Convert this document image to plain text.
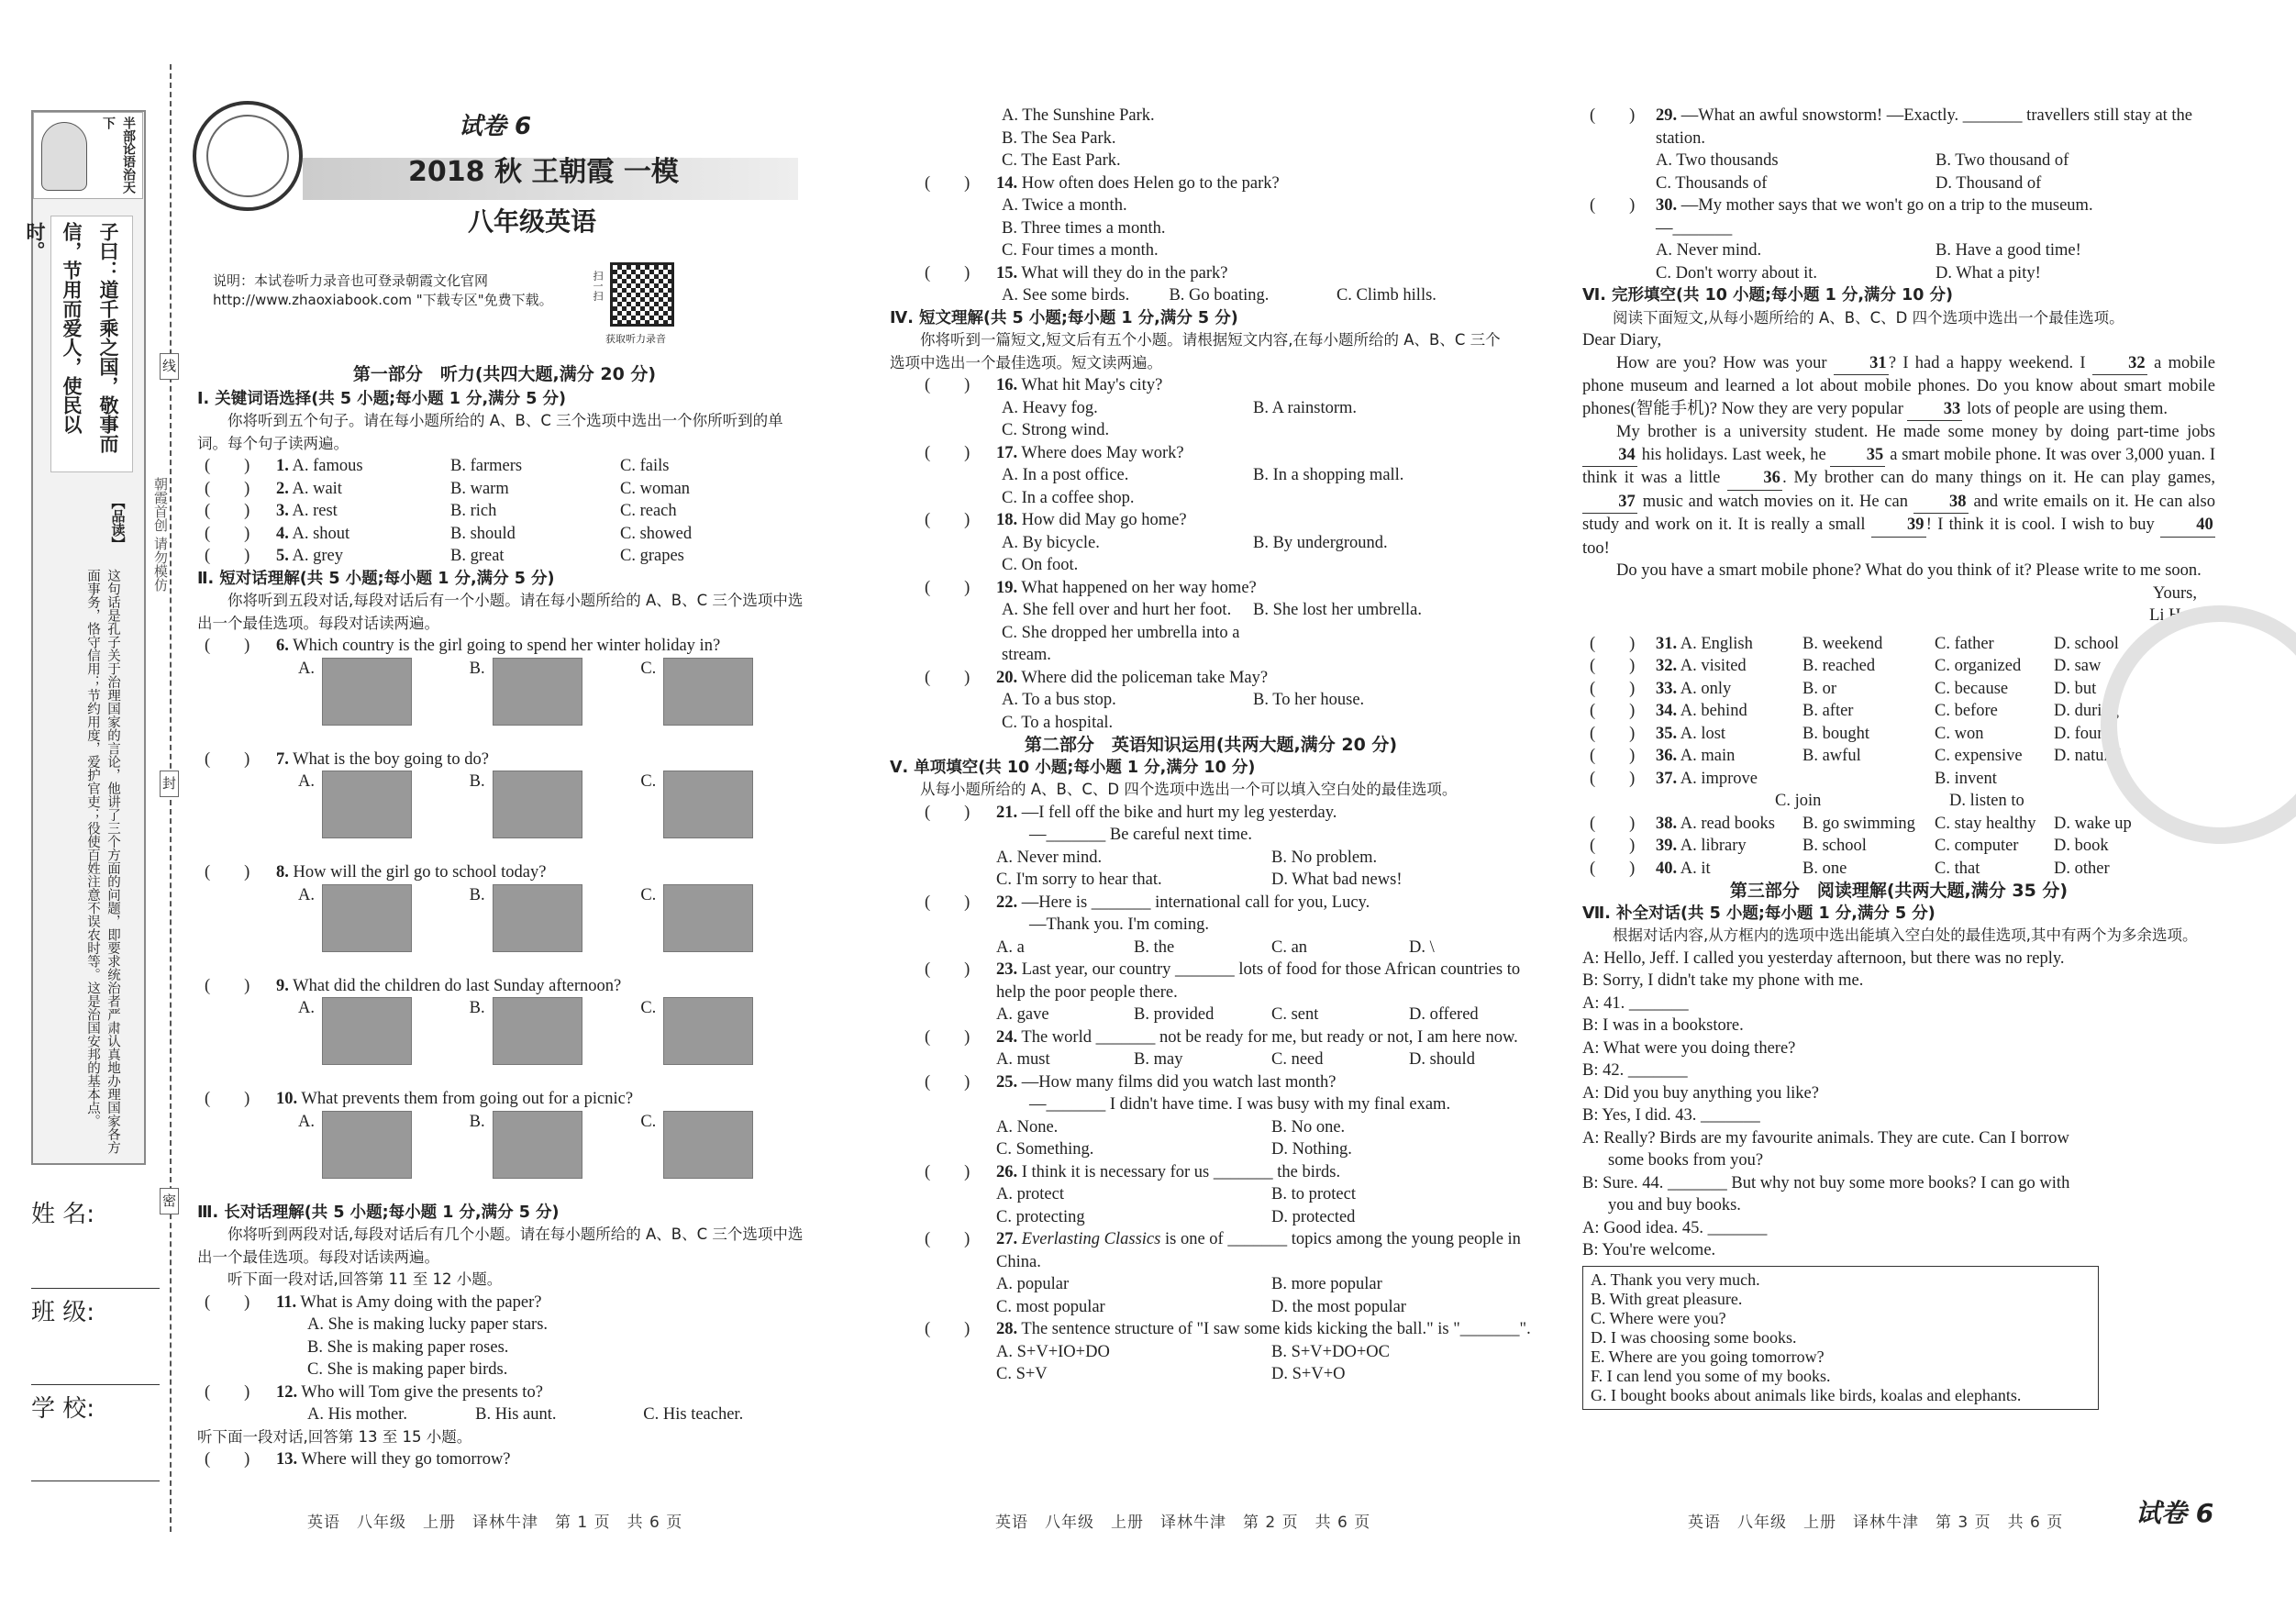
半部论语治天下
子曰：道千乘之国，敬事而信，节用而爱人，使民以时。
【品读】
这句话是孔子关于治理国家的言论，他讲了三个方面的问题，即要求统治者严肃认真地办理国家各方面事务，恪守信用；节约用度，爱护官吏；役使百姓注意不误农时等。这是治国安邦的基本点。
朝霞首创 请勿模仿
线
封
密
姓 名:
班 级:
学 校:
试卷 6
2018 秋 王朝霞 一模
八年级英语
说明：本试卷听力录音也可登录朝霞文化官网 http://www.zhaoxiabook.com "下载专区"免费下载。	扫一扫
获取听力录音
第一部分　听力(共四大题,满分 20 分)
Ⅰ. 关键词语选择(共 5 小题;每小题 1 分,满分 5 分)
你将听到五个句子。请在每小题所给的 A、B、C 三个选项中选出一个你所听到的单词。每个句子读两遍。
(　　)	1. A. famous	B. farmers	C. fails
(　　)	2. A. wait	B. warm	C. woman
(　　)	3. A. rest	B. rich	C. reach
(　　)	4. A. shout	B. should	C. showed
(　　)	5. A. grey	B. great	C. grapes
Ⅱ. 短对话理解(共 5 小题;每小题 1 分,满分 5 分)
你将听到五段对话,每段对话后有一个小题。请在每小题所给的 A、B、C 三个选项中选出一个最佳选项。每段对话读两遍。
(　　)	6. Which country is the girl going to spend her winter holiday in?
A.	B.	C.
(　　)	7. What is the boy going to do?
A.	B.	C.
(　　)	8. How will the girl go to school today?
A.	B.	C.
(　　)	9. What did the children do last Sunday afternoon?
A.	B.	C.
(　　)	10. What prevents them from going out for a picnic?
A.	B.	C.
Ⅲ. 长对话理解(共 5 小题;每小题 1 分,满分 5 分)
你将听到两段对话,每段对话后有几个小题。请在每小题所给的 A、B、C 三个选项中选出一个最佳选项。每段对话读两遍。
听下面一段对话,回答第 11 至 12 小题。
(　　)	11. What is Amy doing with the paper?
A. She is making lucky paper stars.
B. She is making paper roses.
C. She is making paper birds.
(　　)	12. Who will Tom give the presents to?
A. His mother.	B. His aunt.	C. His teacher.
听下面一段对话,回答第 13 至 15 小题。
(　　)	13. Where will they go tomorrow?
A. The Sunshine Park.
B. The Sea Park.
C. The East Park.
(　　)	14. How often does Helen go to the park?
A. Twice a month.
B. Three times a month.
C. Four times a month.
(　　)	15. What will they do in the park?
A. See some birds.	B. Go boating.	C. Climb hills.
Ⅳ. 短文理解(共 5 小题;每小题 1 分,满分 5 分)
你将听到一篇短文,短文后有五个小题。请根据短文内容,在每小题所给的 A、B、C 三个选项中选出一个最佳选项。短文读两遍。
(　　)	16. What hit May's city?
A. Heavy fog.	B. A rainstorm.
C. Strong wind.
(　　)	17. Where does May work?
A. In a post office.	B. In a shopping mall.
C. In a coffee shop.
(　　)	18. How did May go home?
A. By bicycle.	B. By underground.
C. On foot.
(　　)	19. What happened on her way home?
A. She fell over and hurt her foot.	B. She lost her umbrella.
C. She dropped her umbrella into a stream.
(　　)	20. Where did the policeman take May?
A. To a bus stop.	B. To her house.
C. To a hospital.
第二部分　英语知识运用(共两大题,满分 20 分)
Ⅴ. 单项填空(共 10 小题;每小题 1 分,满分 10 分)
从每小题所给的 A、B、C、D 四个选项中选出一个可以填入空白处的最佳选项。
(　　)	21. —I fell off the bike and hurt my leg yesterday.
—_______ Be careful next time.
A. Never mind.	B. No problem.
C. I'm sorry to hear that.	D. What bad news!
(　　)	22. —Here is _______ international call for you, Lucy.
—Thank you. I'm coming.
A. a	B. the	C. an	D. \
(　　)	23. Last year, our country _______ lots of food for those African countries to help the poor people there.
A. gave	B. provided	C. sent	D. offered
(　　)	24. The world _______ not be ready for me, but ready or not, I am here now.
A. must	B. may	C. need	D. should
(　　)	25. —How many films did you watch last month?
—_______ I didn't have time. I was busy with my final exam.
A. None.	B. No one.
C. Something.	D. Nothing.
(　　)	26. I think it is necessary for us _______ the birds.
A. protect	B. to protect
C. protecting	D. protected
(　　)	27. Everlasting Classics is one of _______ topics among the young people in China.
A. popular	B. more popular
C. most popular	D. the most popular
(　　)	28. The sentence structure of "I saw some kids kicking the ball." is "_______".
A. S+V+IO+DO	B. S+V+DO+OC
C. S+V	D. S+V+O
(　　)	29. —What an awful snowstorm! —Exactly. _______ travellers still stay at the station.
A. Two thousands	B. Two thousand of
C. Thousands of	D. Thousand of
(　　)	30. —My mother says that we won't go on a trip to the museum.
—_______
A. Never mind.	B. Have a good time!
C. Don't worry about it.	D. What a pity!
Ⅵ. 完形填空(共 10 小题;每小题 1 分,满分 10 分)
阅读下面短文,从每小题所给的 A、B、C、D 四个选项中选出一个最佳选项。
Dear Diary,
How are you? How was your 31 ? I had a happy weekend. I 32 a mobile phone museum and learned a lot about mobile phones. Do you know about smart mobile phones(智能手机)? Now they are very popular 33 lots of people are using them.
My brother is a university student. He made some money by doing part-time jobs 34 his holidays. Last week, he 35 a smart mobile phone. It was over 3,000 yuan. I think it was a little 36 . My brother can do many things on it. He can play games, 37 music and watch movies on it. He can 38 and write emails on it. He can also study and work on it. It is really a small 39 ! I think it is cool. I wish to buy 40 too!
Do you have a smart mobile phone? What do you think of it? Please write to me soon.
Yours,
Li Hua
(　　)	31. A. English	B. weekend	C. father	D. school
(　　)	32. A. visited	B. reached	C. organized	D. saw
(　　)	33. A. only	B. or	C. because	D. but
(　　)	34. A. behind	B. after	C. before	D. during
(　　)	35. A. lost	B. bought	C. won	D. found
(　　)	36. A. main	B. awful	C. expensive	D. natural
(　　)	37. A. improve	B. invent
C. join	D. listen to
(　　)	38. A. read books	B. go swimming	C. stay healthy	D. wake up
(　　)	39. A. library	B. school	C. computer	D. book
(　　)	40. A. it	B. one	C. that	D. other
第三部分　阅读理解(共两大题,满分 35 分)
Ⅶ. 补全对话(共 5 小题;每小题 1 分,满分 5 分)
根据对话内容,从方框内的选项中选出能填入空白处的最佳选项,其中有两个为多余选项。
A: Hello, Jeff. I called you yesterday afternoon, but there was no reply.
B: Sorry, I didn't take my phone with me.
A: 41. _______
B: I was in a bookstore.
A: What were you doing there?
B: 42. _______
A: Did you buy anything you like?
B: Yes, I did. 43. _______
A: Really? Birds are my favourite animals. They are cute. Can I borrow
some books from you?
B: Sure. 44. _______ But why not buy some more books? I can go with
you and buy books.
A: Good idea. 45. _______
B: You're welcome.
A. Thank you very much.
B. With great pleasure.
C. Where were you?
D. I was choosing some books.
E. Where are you going tomorrow?
F. I can lend you some of my books.
G. I bought books about animals like birds, koalas and elephants.
英语　八年级　上册　译林牛津　第 1 页　共 6 页	英语　八年级　上册　译林牛津　第 2 页　共 6 页	英语　八年级　上册　译林牛津　第 3 页　共 6 页	试卷 6
